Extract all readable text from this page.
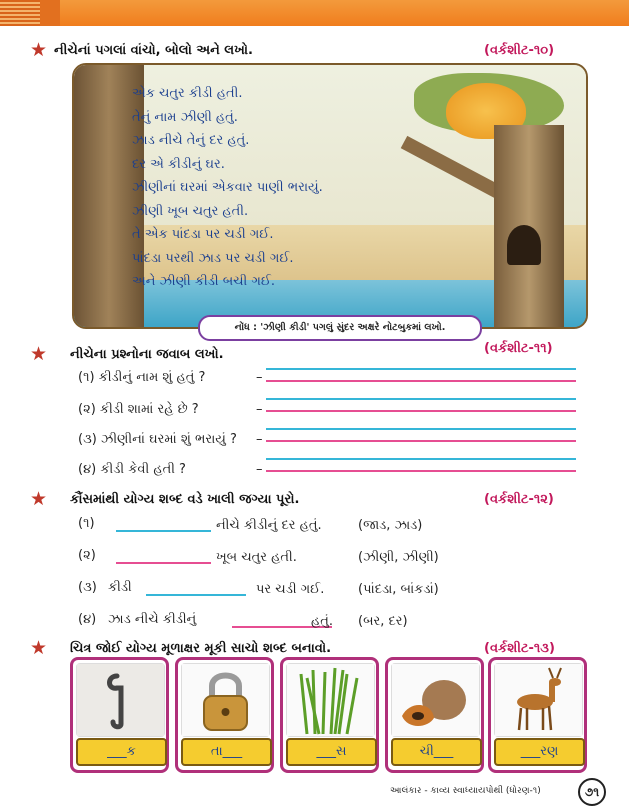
★ નીચેનાં પગલાં વાંચો, બોલો અને લખો.	(વર્કશીટ-૧૦)
એક ચતુર કીડી હતી.
તેનું નામ ઝીણી હતું.
ઝાડ નીચે તેનું દર હતું.
દર એ કીડીનું ઘર.
ઝીણીનાં ઘરમાં એકવાર પાણી ભરાયું.
ઝીણી ખૂબ ચતુર હતી.
તે એક પાંદડા પર ચડી ગઈ.
પાંદડા પરથી ઝાડ પર ચડી ગઈ.
અને ઝીણી કીડી બચી ગઈ.
નોંધ : 'ઝીણી કીડી' પગલું સુંદર અક્ષરે નોટબુકમાં લખો.
★ નીચેના પ્રશ્નોના જવાબ લખો.	(વર્કશીટ-૧૧)
(૧) કીડીનું નામ શું હતું ?	–
(૨) કીડી શામાં રહે છે ?	–
(૩) ઝીણીનાં ઘરમાં શું ભરાયું ? –
(૪) કીડી કેવી હતી ?	–
★ કૌંસમાંથી યોગ્ય શબ્દ વડે ખાલી જગ્યા પૂરો.	(વર્કશીટ-૧૨)
(૧)	નીચે કીડીનું દર હતું.	(જાડ, ઝાડ)
(૨)	ખૂબ ચતુર હતી.	(ઝીણી, ઝીણી)
(૩) કીડી	પર ચડી ગઈ.	(પાંદડા, બાંકડાં)
(૪) ઝાડ નીચે કીડીનું	હતું. (બર, દર)
★ ચિત્ર જોઈ યોગ્ય મૂળાક્ષર મૂકી સાચો શબ્દ બનાવો.	(વર્કશીટ-૧૩)
___ક	તા___	___સ	ચી___	___રણ
આલંકાર - કાવ્ય સ્વાધ્યાયપોથી (ધોરણ-૧)	૭૧
